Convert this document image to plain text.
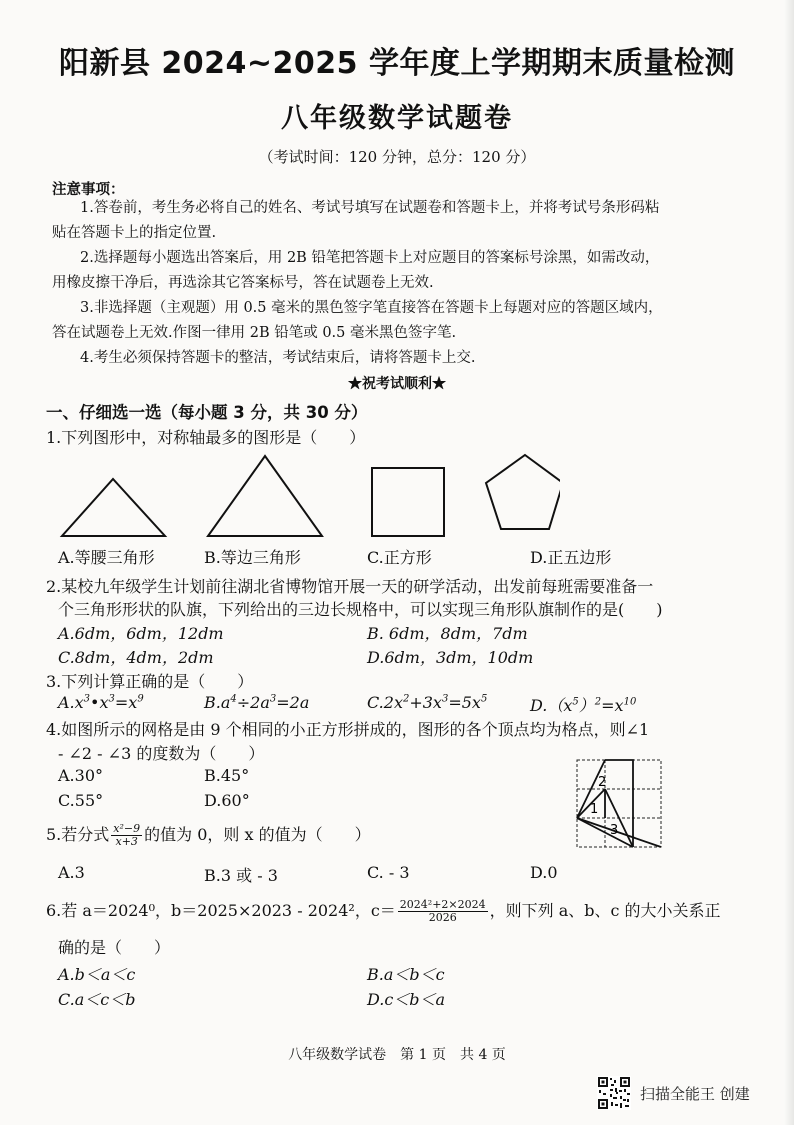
阳新县 2024~2025 学年度上学期期末质量检测
八年级数学试题卷
（考试时间：120 分钟，总分：120 分）
注意事项：
1.答卷前，考生务必将自己的姓名、考试号填写在试题卷和答题卡上，并将考试号条形码粘
贴在答题卡上的指定位置.
2.选择题每小题选出答案后，用 2B 铅笔把答题卡上对应题目的答案标号涂黑，如需改动，
用橡皮擦干净后，再选涂其它答案标号，答在试题卷上无效.
3.非选择题（主观题）用 0.5 毫米的黑色签字笔直接答在答题卡上每题对应的答题区域内，
答在试题卷上无效.作图一律用 2B 铅笔或 0.5 毫米黑色签字笔.
4.考生必须保持答题卡的整洁，考试结束后，请将答题卡上交.
★祝考试顺利★
一、仔细选一选（每小题 3 分，共 30 分）
1.下列图形中，对称轴最多的图形是（　　）
A.等腰三角形	B.等边三角形	C.正方形	D.正五边形
2.某校九年级学生计划前往湖北省博物馆开展一天的研学活动，出发前每班需要准备一
个三角形形状的队旗，下列给出的三边长规格中，可以实现三角形队旗制作的是(　　)
A.6dm，6dm，12dm	B. 6dm，8dm，7dm
C.8dm，4dm，2dm	D.6dm，3dm，10dm
3.下列计算正确的是（　　）
$A.x^3•x^3=x^9$	$B.a^4\div 2a^3=2a$	$C.2x^2+3x^3=5x^5$	$D.(x^5)^2=x^{10}$
4.如图所示的网格是由 9 个相同的小正方形拼成的，图形的各个顶点均为格点，则∠1
- ∠2 - ∠3 的度数为（　　）
A.30°	B.45°
C.55°	D.60°
2
1
3
5.若分式 $\frac{\text{x²−9}}{x+3}$ 的值为 0，则 x 的值为（　　）
A.3	B.3 或 - 3	C. - 3	D.0
6.若 a＝2024⁰，b＝2025×2023 - 2024²，$c= \frac{\text{2024²+2×2024}}{2026}$ ，则下列 a、b、c 的大小关系正
确的是（　　）
A.b＜a＜c	B.a＜b＜c
C.a＜c＜b	D.c＜b＜a
八年级数学试卷　第 1 页　共 4 页
扫描全能王 创建
